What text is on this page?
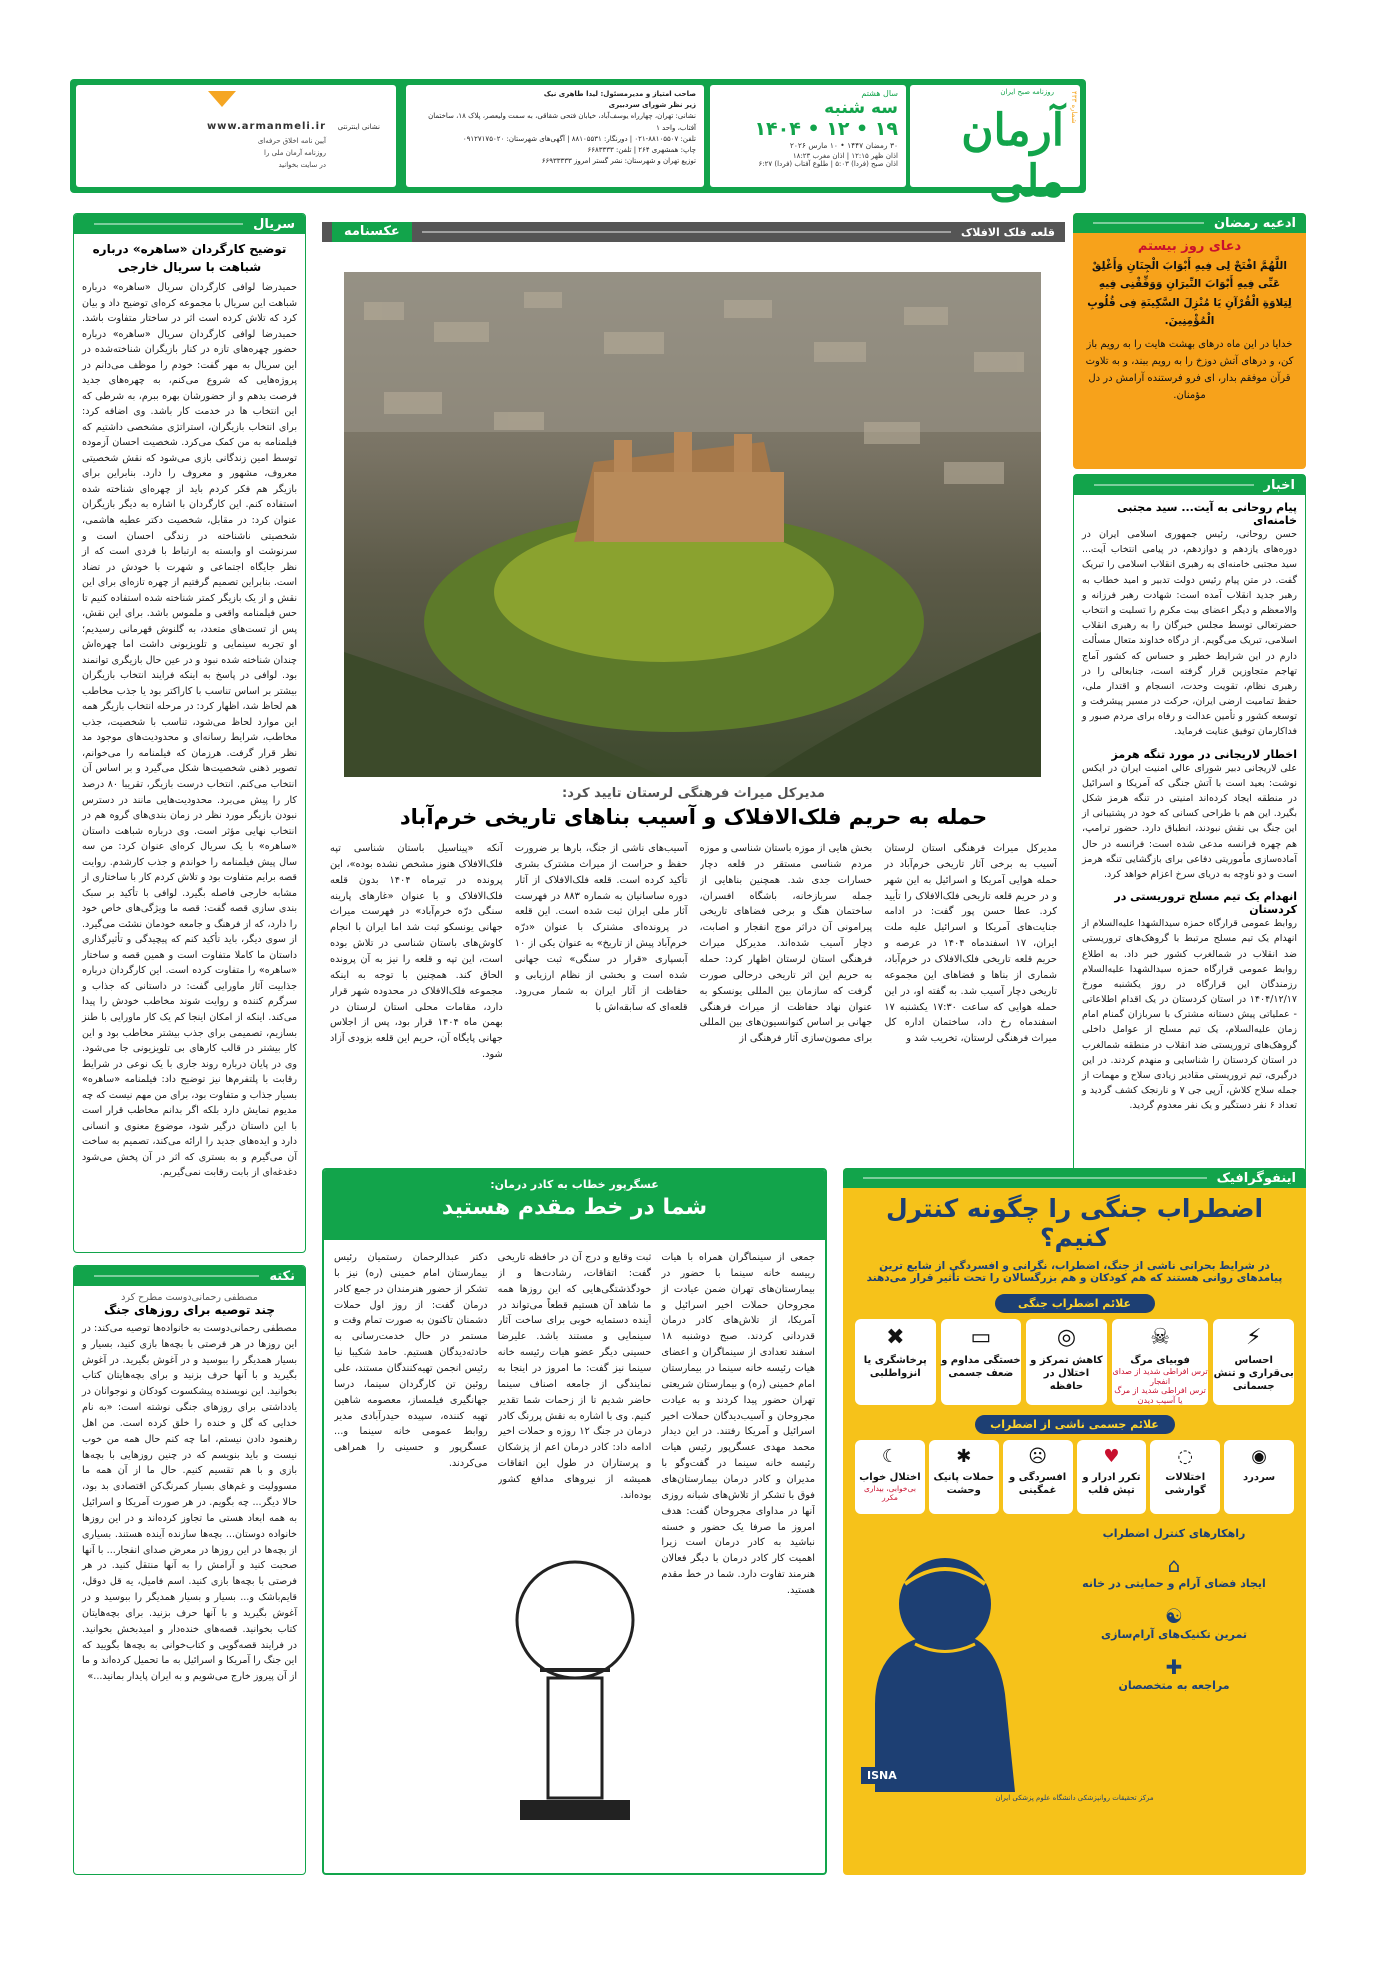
روزنامه صبح ایران	شماره ۴۳۳
آرمان ملی
سال هشتم
سه شنبه
۱۹ • ۱۲ • ۱۴۰۴
۳۰ رمضان ۱۴۴۷ • ۱۰ مارس ۲۰۲۶
اذان ظهر ۱۲:۱۵ | اذان مغرب ۱۸:۲۳
اذان صبح (فردا) ۵:۰۳ | طلوع آفتاب (فردا) ۶:۲۷
صاحب امتیاز و مدیرمسئول: لیدا طاهری نیک
زیر نظر شورای سردبیری
نشانی: تهران، چهارراه یوسف‌آباد، خیابان فتحی شقاقی، به سمت ولیعصر، پلاک ۱۸، ساختمان آفتاب، واحد ۱
تلفن: ۸۸۱۰۵۵۰۷-۰۲۱ | دورنگار: ۸۸۱۰۵۵۳۱ | آگهی‌های شهرستان: ۰۹۱۲۷۱۷۵۰۲۰
چاپ: همشهری ۲۶۴ | تلفن: ۶۶۸۳۳۳۳
توزیع تهران و شهرستان: نشر گستر امروز ۶۶۹۳۳۳۳۳
نشانی اینترنتی
www.armanmeli.ir
آیین نامه اخلاق حرفه‌ای
روزنامه آرمان ملی را
در سایت بخوانید
ادعیه رمضان
دعای روز بیستم
اللَّهُمَّ افْتَحْ لِی فِیهِ أَبْوَابَ الْجِنَانِ وَأَغْلِقْ عَنِّی فِیهِ أَبْوَابَ النِّیرَانِ وَوَفِّقْنِی فِیهِ لِتِلاوَةِ الْقُرْآنِ یَا مُنْزِلَ السَّکِینَةِ فِی قُلُوبِ الْمُؤْمِنِینَ.
خدایا در این ماه درهای بهشت هایت را به رویم باز کن، و درهای آتش دوزخ را به رویم ببند، و به تلاوت قرآن موفقم بدار، ای فرو فرستنده آرامش در دل مؤمنان.
اخبار
پیام روحانی به آیت‌... سید مجتبی خامنه‌ای
حسن روحانی، رئیس جمهوری اسلامی ایران در دوره‌های یازدهم و دوازدهم، در پیامی انتخاب آیت‌... سید مجتبی خامنه‌ای به رهبری انقلاب اسلامی را تبریک گفت. در متن پیام رئیس دولت تدبیر و امید خطاب به رهبر جدید انقلاب آمده است: شهادت رهبر فرزانه و والامعظم و دیگر اعضای بیت مکرم را تسلیت و انتخاب حضرتعالی توسط مجلس خبرگان را به رهبری انقلاب اسلامی، تبریک می‌گویم. از درگاه خداوند متعال مسألت دارم در این شرایط خطیر و حساس که کشور آماج تهاجم متجاوزین قرار گرفته است، جنابعالی را در رهبری نظام، تقویت وحدت، انسجام و اقتدار ملی، حفظ تمامیت ارضی ایران، حرکت در مسیر پیشرفت و توسعه کشور و تأمین عدالت و رفاه برای مردم صبور و فداکارمان توفیق عنایت فرماید.
اخطار لاریجانی در مورد تنگه هرمز
علی لاریجانی دبیر شورای عالی امنیت ایران در ایکس نوشت: بعید است با آتش جنگی که آمریکا و اسرائیل در منطقه ایجاد کرده‌اند امنیتی در تنگه هرمز شکل بگیرد. این هم با طراحی کسانی که خود در پشتیبانی از این جنگ بی نقش نبودند، انطباق دارد. حضور ترامپ، هم چهره فرانسه مدعی شده است: فرانسه در حال آماده‌سازی مأموریتی دفاعی برای بازگشایی تنگه هرمز است و دو ناوچه به دریای سرخ اعزام خواهد کرد.
انهدام یک تیم مسلح تروریستی در کردستان
روابط عمومی قرارگاه حمزه سیدالشهدا علیه‌السلام از انهدام یک تیم مسلح مرتبط با گروهک‌های تروریستی ضد انقلاب در شمالغرب کشور خبر داد. به اطلاع روابط عمومی قرارگاه حمزه سیدالشهدا علیه‌السلام رزمندگان این قرارگاه در روز یکشنبه مورخ ۱۴۰۴/۱۲/۱۷ در استان کردستان در یک اقدام اطلاعاتی - عملیاتی پیش دستانه مشترک با سربازان گمنام امام زمان علیه‌السلام، یک تیم مسلح از عوامل داخلی گروهک‌های تروریستی ضد انقلاب در منطقه شمالغرب در استان کردستان را شناسایی و منهدم کردند. در این درگیری، تیم تروریستی مقادیر زیادی سلاح و مهمات از جمله سلاح کلاش، آرپی جی ۷ و نارنجک کشف گردید و تعداد ۶ نفر دستگیر و یک نفر معدوم گردید.
قلعه فلک الافلاک
عکسنامه
مدیرکل میراث فرهنگی لرستان تایید کرد:
حمله به حریم فلک‌الافلاک و آسیب بناهای تاریخی خرم‌آباد
مدیرکل میراث فرهنگی استان لرستان آسیب به برخی آثار تاریخی خرم‌آباد در حمله هوایی آمریکا و اسرائیل به این شهر و در حریم قلعه تاریخی فلک‌الافلاک را تأیید کرد. عطا حسن پور گفت: در ادامه جنایت‌های آمریکا و اسرائیل علیه ملت ایران، ۱۷ اسفندماه ۱۴۰۴ در عرصه و حریم قلعه تاریخی فلک‌الافلاک در خرم‌آباد، شماری از بناها و فضاهای این مجموعه تاریخی دچار آسیب شد. به گفته او، در این حمله هوایی که ساعت ۱۷:۳۰ یکشنبه ۱۷ اسفندماه رخ داد، ساختمان اداره کل میراث فرهنگی لرستان، تخریب شد و
بخش هایی از موزه باستان شناسی و موزه مردم شناسی مستقر در قلعه دچار خسارات جدی شد. همچنین بناهایی از جمله سربازخانه، باشگاه افسران، ساختمان هنگ و برخی فضاهای تاریخی پیرامونی آن دراثر موج انفجار و اصابت، دچار آسیب شده‌اند. مدیرکل میراث فرهنگی استان لرستان اظهار کرد: حمله به حریم این اثر تاریخی درحالی صورت گرفت که سازمان بین المللی یونسکو به عنوان نهاد حفاظت از میراث فرهنگی جهانی بر اساس کنوانسیون‌های بین المللی برای مصون‌سازی آثار فرهنگی از
آسیب‌های ناشی از جنگ، بارها بر ضرورت حفظ و حراست از میراث مشترک بشری تأکید کرده است. قلعه فلک‌الافلاک از آثار دوره ساسانیان به شماره ۸۸۳ در فهرست آثار ملی ایران ثبت شده است. این قلعه در پرونده‌ای مشترک با عنوان «درّه خرم‌آباد پیش از تاریخ» به عنوان یکی از ۱۰ آبسپاری «قرار در سنگی» ثبت جهانی شده است و بخشی از نظام ارزیابی و حفاظت از آثار ایران به شمار می‌رود. قلعه‌ای که سابقه‌اش با
آنکه «پیناسیل باستان شناسی تپه فلک‌الافلاک هنوز مشخص نشده بوده»، این پرونده در تیرماه ۱۴۰۴ بدون قلعه فلک‌الافلاک و با عنوان «غارهای پارینه سنگی درّه خرم‌آباد» در فهرست میراث جهانی یونسکو ثبت شد اما ایران با انجام کاوش‌های باستان شناسی در تلاش بوده است، این تپه و قلعه را نیز به آن پرونده الحاق کند. همچنین با توجه به اینکه مجموعه فلک‌الافلاک در محدوده شهر قرار دارد، مقامات محلی استان لرستان در بهمن ماه ۱۴۰۴ قرار بود، پس از اجلاس جهانی پایگاه آن، حریم این قلعه بزودی آزاد شود.
سریال
توضیح کارگردان «ساهره» درباره شباهت با سریال خارجی
حمیدرضا لوافی کارگردان سریال «ساهره» درباره شباهت این سریال با مجموعه کره‌ای توضیح داد و بیان کرد که تلاش کرده است اثر در ساختار متفاوت باشد. حمیدرضا لوافی کارگردان سریال «ساهره» درباره حضور چهره‌های تازه در کنار بازیگران شناخته‌شده در این سریال به مهر گفت: خودم را موظف می‌دانم در پروژه‌هایی که شروع می‌کنم، به چهره‌های جدید فرصت بدهم و از حضورشان بهره ببرم، به شرطی که این انتخاب ها در خدمت کار باشد. وی اضافه کرد: برای انتخاب بازیگران، استراتژی مشخصی داشتیم که فیلمنامه به من کمک می‌کرد. شخصیت احسان آزموده توسط امین زندگانی بازی می‌شود که نقش شخصیتی معروف، مشهور و معروف را دارد. بنابراین برای بازیگر هم فکر کردم باید از چهره‌ای شناخته شده استفاده کنم. این کارگردان با اشاره به دیگر بازیگران عنوان کرد: در مقابل، شخصیت دکتر عطیه هاشمی، شخصیتی ناشناخته در زندگی احسان است و سرنوشت او وابسته به ارتباط با فردی است که از نظر جایگاه اجتماعی و شهرت با خودش در تضاد است. بنابراین تصمیم گرفتیم از چهره تازه‌ای برای این نقش و از یک بازیگر کمتر شناخته شده استفاده کنیم تا حس فیلمنامه واقعی و ملموس باشد. برای این نقش، پس از تست‌های متعدد، به گلنوش قهرمانی رسیدیم؛ او تجربه سینمایی و تلویزیونی داشت اما چهره‌اش چندان شناخته شده نبود و در عین حال بازیگری توانمند بود. لوافی در پاسخ به اینکه فرایند انتخاب بازیگران بیشتر بر اساس تناسب با کاراکتر بود یا جذب مخاطب هم لحاظ شد، اظهار کرد: در مرحله انتخاب بازیگر همه این موارد لحاظ می‌شود، تناسب با شخصیت، جذب مخاطب، شرایط رسانه‌ای و محدودیت‌های موجود مد نظر قرار گرفت. هرزمان که فیلمنامه را می‌خوانم، تصویر ذهنی شخصیت‌ها شکل می‌گیرد و بر اساس آن انتخاب می‌کنم. انتخاب درست بازیگر، تقریبا ۸۰ درصد کار را پیش می‌برد. محدودیت‌هایی مانند در دسترس نبودن بازیگر مورد نظر در زمان بندی‌های گروه هم در انتخاب نهایی مؤثر است. وی درباره شباهت داستان «ساهره» با یک سریال کره‌ای عنوان کرد: من سه سال پیش فیلمنامه را خواندم و جذب کارشدم. روایت قصه برایم متفاوت بود و تلاش کردم کار با ساختاری از مشابه خارجی فاصله بگیرد. لوافی با تأکید بر سبک بندی سازی قصه گفت: قصه ما ویژگی‌های خاص خود را دارد، که از فرهنگ و جامعه خودمان نشئت می‌گیرد. از سوی دیگر، باید تأکید کنم که پیچیدگی و تأثیرگذاری داستان ما کاملا متفاوت است و همین قصه و ساختار «ساهره» را متفاوت کرده است. این کارگردان درباره جذابیت آثار ماورایی گفت: در داستانی که جذاب و سرگرم کننده و روایت شوند مخاطب خودش را پیدا می‌کند. اینکه از امکان اینجا کم یک کار ماورایی با طنز بسازیم، تصمیمی برای جذب بیشتر مخاطب بود و این کار بیشتر در قالب کارهای بی تلویزیونی جا می‌شود. وی در پایان درباره روند جاری با یک نوعی در شرایط رقابت با پلتفرم‌ها نیز توضیح داد: فیلمنامه «ساهره» بسیار جذاب و متفاوت بود، برای من مهم نیست که چه مدیوم نمایش دارد بلکه اگر بدانم مخاطب قرار است با این داستان درگیر شود، موضوع معنوی و انسانی دارد و ایده‌های جدید را ارائه می‌کند، تصمیم به ساخت آن می‌گیرم و به بستری که اثر در آن پخش می‌شود دغدغه‌ای از بابت رقابت نمی‌گیریم.
نکته
مصطفی رحمانی‌دوست مطرح کرد
چند توصیه برای روزهای جنگ
مصطفی رحمانی‌دوست به خانواده‌ها توصیه می‌کند: در این روزها در هر فرصتی با بچه‌ها بازی کنید، بسیار و بسیار همدیگر را ببوسید و در آغوش بگیرید. در آغوش بگیرید و با آنها حرف بزنید و برای بچه‌هایتان کتاب بخوانید. این نویسنده پیشکسوت کودکان و نوجوانان در یادداشتی برای روزهای جنگی نوشته است: «به نام خدایی که گل و خنده را خلق کرده است. من اهل رهنمود دادن نیستم، اما چه کنم حال همه من خوب نیست و باید بنویسم که در چنین روزهایی با بچه‌ها بازی و با هم تقسیم کنیم. حال ما از آن همه ما مسوولیت و غم‌های بسیار کمرنگ‌کن اقتصادی بد بود، حالا دیگر... چه بگویم. در هر صورت آمریکا و اسرائیل به همه ابعاد هستی ما تجاوز کرده‌اند و در این روزها خانواده دوستان... بچه‌ها سازنده آینده هستند. بسیاری از بچه‌ها در این روزها در معرض صدای انفجار... با آنها صحبت کنید و آرامش را به آنها منتقل کنید. در هر فرصتی با بچه‌ها بازی کنید. اسم فامیل، یه قل دوقل، قایم‌باشک و... بسیار و بسیار همدیگر را ببوسید و در آغوش بگیرید و با آنها حرف بزنید. برای بچه‌هایتان کتاب بخوانید. قصه‌های خنده‌دار و امیدبخش بخوانید. در فرایند قصه‌گویی و کتاب‌خوانی به بچه‌ها بگویید که این جنگ را آمریکا و اسرائیل به ما تحمیل کرده‌اند و ما از آن پیروز خارج می‌شویم و به ایران پایدار بمانید...»
عسگرپور خطاب به کادر درمان:
شما در خط مقدم هستید
جمعی از سینماگران همراه با هیات رییسه خانه سینما با حضور در بیمارستان‌های تهران ضمن عیادت از مجروحان حملات اخیر اسرائیل و آمریکا، از تلاش‌های کادر درمان قدردانی کردند. صبح دوشنبه ۱۸ اسفند تعدادی از سینماگران و اعضای هیات رئیسه خانه سینما در بیمارستان امام خمینی (ره) و بیمارستان شریعتی تهران حضور پیدا کردند و به عیادت مجروحان و آسیب‌دیدگان حملات اخیر اسرائیل و آمریکا رفتند. در این دیدار محمد مهدی عسگرپور رئیس هیات رئیسه خانه سینما در گفت‌وگو با مدیران و کادر درمان بیمارستان‌های فوق با تشکر از تلاش‌های شبانه روزی آنها در مداوای مجروحان گفت: هدف امروز ما صرفا یک حضور و خسته نباشید به کادر درمان است زیرا اهمیت کار کادر درمان با دیگر فعالان هنرمند تفاوت دارد. شما در خط مقدم هستید.
ثبت وقایع و درج آن در حافظه تاریخی گفت: اتفاقات، رشادت‌ها و از خودگذشتگی‌هایی که این روزها همه ما شاهد آن هستیم قطعاً می‌تواند در آینده دستمایه خوبی برای ساخت آثار سینمایی و مستند باشد. علیرضا حسینی دیگر عضو هیات رئیسه خانه سینما نیز گفت: ما امروز در اینجا به نمایندگی از جامعه اصناف سینما حاضر شدیم تا از زحمات شما تقدیر کنیم. وی با اشاره به نقش پررنگ کادر درمان در جنگ ۱۲ روزه و حملات اخیر ادامه داد: کادر درمان اعم از پزشکان و پرستاران در طول این اتفاقات همیشه از نیروهای مدافع کشور بوده‌اند.
دکتر عبدالرحمان رستمیان رئیس بیمارستان امام خمینی (ره) نیز با تشکر از حضور هنرمندان در جمع کادر درمان گفت: از روز اول حملات دشمنان تاکنون به صورت تمام وقت و مستمر در حال خدمت‌رسانی به حادثه‌دیدگان هستیم. حامد شکیبا نیا رئیس انجمن تهیه‌کنندگان مستند، علی روئین تن کارگردان سینما، درسا جهانگیری فیلمساز، معصومه شاهین تهیه کننده، سپیده حیدرآبادی مدیر روابط عمومی خانه سینما و... عسگرپور و حسینی را همراهی می‌کردند.
اینفوگرافیک
اضطراب جنگی را چگونه کنترل کنیم؟
در شرایط بحرانی ناشی از جنگ، اضطراب، نگرانی و افسردگی از شایع ترین
پیامدهای روانی هستند که هم کودکان و هم بزرگسالان را تحت تأثیر قرار می‌دهند
علائم اضطراب جنگی
⚡
احساس بی‌قراری و تنش جسمانی
☠
فوبیای مرگ
ترس افراطی شدید از صدای انفجار
ترس افراطی شدید از مرگ یا آسیب دیدن
◎
کاهش تمرکز و اختلال در حافظه
▭
خستگی مداوم و ضعف جسمی
✖
پرخاشگری یا انزواطلبی
علائم جسمی ناشی از اضطراب
◉
سردرد
◌
اختلالات گوارشی
♥
تکرر ادرار و تپش قلب
☹
افسردگی و غمگینی
✱
حملات پانیک وحشت
☾
اختلال خواب
بی‌خوابی، بیداری مکرر
ISNA
راهکارهای کنترل اضطراب
⌂
ایجاد فضای آرام و حمایتی در خانه
☯
تمرین تکنیک‌های آرام‌سازی
✚
مراجعه به متخصصان
مرکز تحقیقات روانپزشکی دانشگاه علوم پزشکی ایران
